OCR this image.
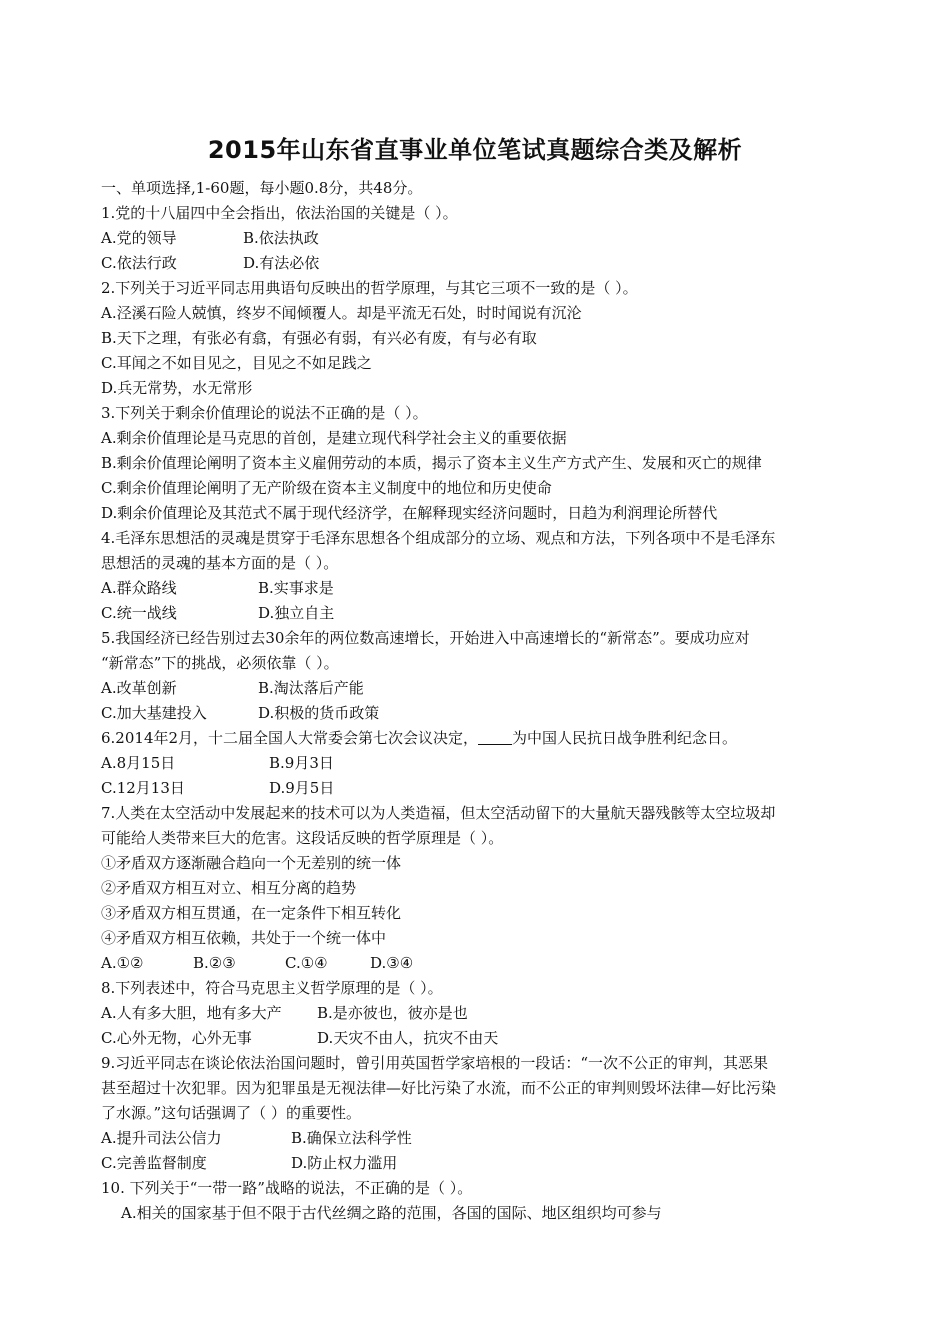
2015年山东省直事业单位笔试真题综合类及解析
一、单项选择,1-60题，每小题0.8分，共48分。
1.党的十八届四中全会指出，依法治国的关键是（ ）。
A.党的领导	B.依法执政
C.依法行政	D.有法必依
2.下列关于习近平同志用典语句反映出的哲学原理，与其它三项不一致的是（ ）。
A.泾溪石险人兢慎，终岁不闻倾覆人。却是平流无石处，时时闻说有沉沦
B.天下之理，有张必有翕，有强必有弱，有兴必有废，有与必有取
C.耳闻之不如目见之，目见之不如足践之
D.兵无常势，水无常形
3.下列关于剩余价值理论的说法不正确的是（ ）。
A.剩余价值理论是马克思的首创，是建立现代科学社会主义的重要依据
B.剩余价值理论阐明了资本主义雇佣劳动的本质，揭示了资本主义生产方式产生、发展和灭亡的规律
C.剩余价值理论阐明了无产阶级在资本主义制度中的地位和历史使命
D.剩余价值理论及其范式不属于现代经济学，在解释现实经济问题时，日趋为利润理论所替代
4.毛泽东思想活的灵魂是贯穿于毛泽东思想各个组成部分的立场、观点和方法，下列各项中不是毛泽东
思想活的灵魂的基本方面的是（ ）。
A.群众路线	B.实事求是
C.统一战线	D.独立自主
5.我国经济已经告别过去30余年的两位数高速增长，开始进入中高速增长的“新常态”。要成功应对
“新常态”下的挑战，必须依靠（ ）。
A.改革创新	B.淘汰落后产能
C.加大基建投入	D.积极的货币政策
6.2014年2月，十二届全国人大常委会第七次会议决定， 为中国人民抗日战争胜利纪念日。
A.8月15日	B.9月3日
C.12月13日	D.9月5日
7.人类在太空活动中发展起来的技术可以为人类造福，但太空活动留下的大量航天器残骸等太空垃圾却
可能给人类带来巨大的危害。这段话反映的哲学原理是（ ）。
①矛盾双方逐渐融合趋向一个无差别的统一体
②矛盾双方相互对立、相互分离的趋势
③矛盾双方相互贯通，在一定条件下相互转化
④矛盾双方相互依赖，共处于一个统一体中
A.①②	B.②③	C.①④	D.③④
8.下列表述中，符合马克思主义哲学原理的是（ ）。
A.人有多大胆，地有多大产 B.是亦彼也，彼亦是也
C.心外无物，心外无事	D.天灾不由人，抗灾不由天
9.习近平同志在谈论依法治国问题时，曾引用英国哲学家培根的一段话：“一次不公正的审判，其恶果
甚至超过十次犯罪。因为犯罪虽是无视法律—好比污染了水流，而不公正的审判则毁坏法律—好比污染
了水源。”这句话强调了（ ）的重要性。
A.提升司法公信力	B.确保立法科学性
C.完善监督制度	D.防止权力滥用
10. 下列关于“一带一路”战略的说法，不正确的是（ ）。
A.相关的国家基于但不限于古代丝绸之路的范围，各国的国际、地区组织均可参与
